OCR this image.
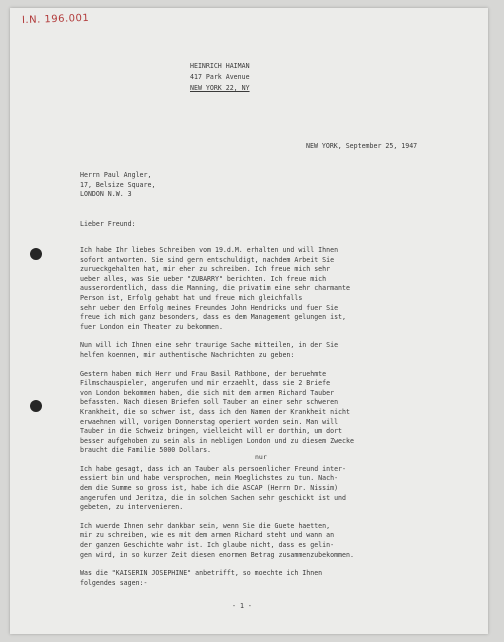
I.N. 196.001
HEINRICH HAIMAN
417 Park Avenue
NEW YORK 22, NY
NEW YORK, September 25, 1947
Herrn Paul Angler,
17, Belsize Square,
LONDON N.W. 3
Lieber Freund:
Ich habe Ihr liebes Schreiben vom 19.d.M. erhalten und will Ihnen
sofort antworten. Sie sind gern entschuldigt, nachdem Arbeit Sie
zurueckgehalten hat, mir eher zu schreiben. Ich freue mich sehr
ueber alles, was Sie ueber "ZUBARRY" berichten. Ich freue mich
ausserordentlich, dass die Manning, die privatim eine sehr charmante
Person ist, Erfolg gehabt hat und freue mich gleichfalls
sehr ueber den Erfolg meines Freundes John Hendricks und fuer Sie
freue ich mich ganz besonders, dass es dem Management gelungen ist,
fuer London ein Theater zu bekommen.
Nun will ich Ihnen eine sehr traurige Sache mitteilen, in der Sie
helfen koennen, mir authentische Nachrichten zu geben:
Gestern haben mich Herr und Frau Basil Rathbone, der beruehmte
Filmschauspieler, angerufen und mir erzaehlt, dass sie 2 Briefe
von London bekommen haben, die sich mit dem armen Richard Tauber
befassten. Nach diesen Briefen soll Tauber an einer sehr schweren
Krankheit, die so schwer ist, dass ich den Namen der Krankheit nicht
erwaehnen will, vorigen Donnerstag operiert worden sein. Man will
Tauber in die Schweiz bringen, vielleicht will er dorthin, um dort
besser aufgehoben zu sein als in nebligen London und zu diesem Zwecke
braucht die Familie 5000 Dollars.
Ich habe gesagt, dass ich an Tauber als persoenlicher Freund inter-
essiert bin und habe versprochen, mein Moeglichstes zu tun. Nach-
dem die Summe so gross ist, habe ich die ASCAP (Herrn Dr. Nissim)
angerufen und Jeritza, die in solchen Sachen sehr geschickt ist und
gebeten, zu intervenieren.
Ich wuerde Ihnen sehr dankbar sein, wenn Sie die Guete haetten,
mir zu schreiben, wie es mit dem armen Richard steht und wann an
der ganzen Geschichte wahr ist. Ich glaube nicht, dass es gelin-
gen wird, in so kurzer Zeit diesen enormen Betrag zusammenzubekommen.
Was die "KAISERIN JOSEPHINE" anbetrifft, so moechte ich Ihnen
folgendes sagen:-
nur
- 1 -
